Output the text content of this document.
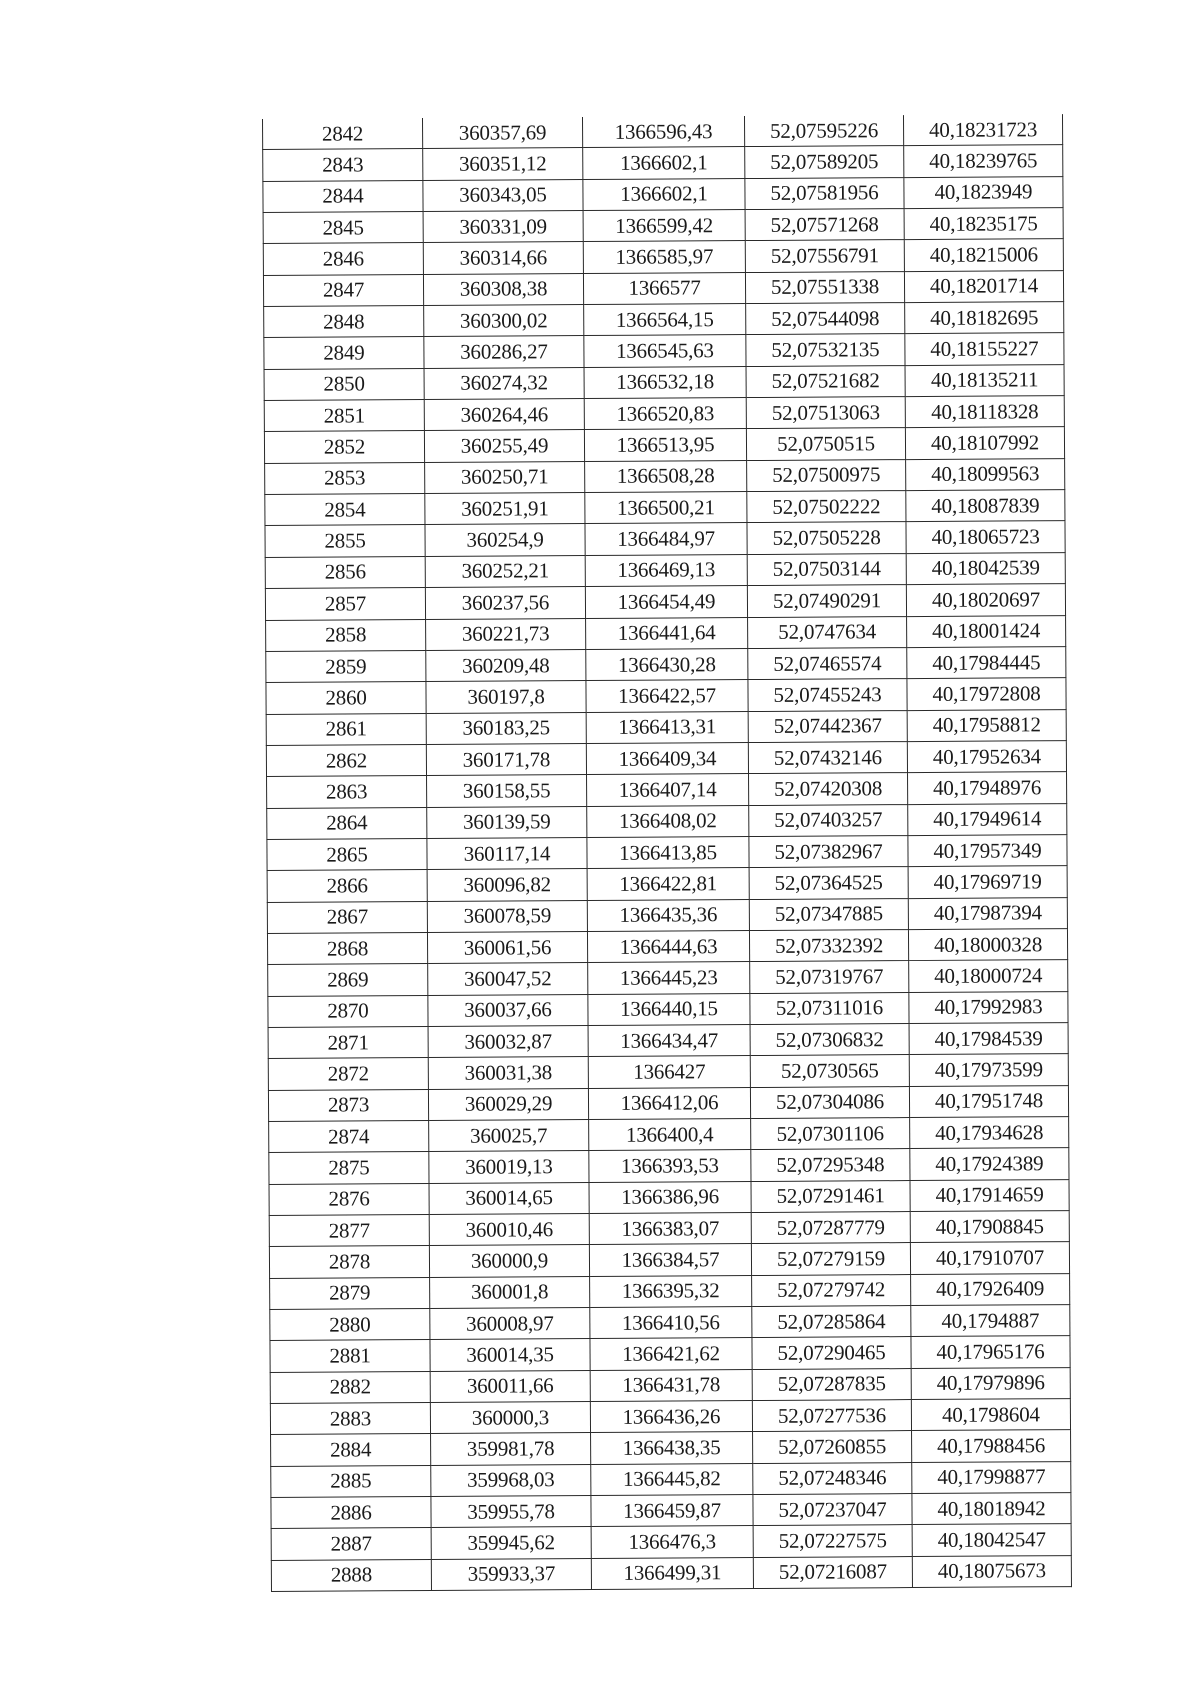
2842	360357,69	1366596,43	52,07595226	40,18231723
2843	360351,12	1366602,1	52,07589205	40,18239765
2844	360343,05	1366602,1	52,07581956	40,1823949
2845	360331,09	1366599,42	52,07571268	40,18235175
2846	360314,66	1366585,97	52,07556791	40,18215006
2847	360308,38	1366577	52,07551338	40,18201714
2848	360300,02	1366564,15	52,07544098	40,18182695
2849	360286,27	1366545,63	52,07532135	40,18155227
2850	360274,32	1366532,18	52,07521682	40,18135211
2851	360264,46	1366520,83	52,07513063	40,18118328
2852	360255,49	1366513,95	52,0750515	40,18107992
2853	360250,71	1366508,28	52,07500975	40,18099563
2854	360251,91	1366500,21	52,07502222	40,18087839
2855	360254,9	1366484,97	52,07505228	40,18065723
2856	360252,21	1366469,13	52,07503144	40,18042539
2857	360237,56	1366454,49	52,07490291	40,18020697
2858	360221,73	1366441,64	52,0747634	40,18001424
2859	360209,48	1366430,28	52,07465574	40,17984445
2860	360197,8	1366422,57	52,07455243	40,17972808
2861	360183,25	1366413,31	52,07442367	40,17958812
2862	360171,78	1366409,34	52,07432146	40,17952634
2863	360158,55	1366407,14	52,07420308	40,17948976
2864	360139,59	1366408,02	52,07403257	40,17949614
2865	360117,14	1366413,85	52,07382967	40,17957349
2866	360096,82	1366422,81	52,07364525	40,17969719
2867	360078,59	1366435,36	52,07347885	40,17987394
2868	360061,56	1366444,63	52,07332392	40,18000328
2869	360047,52	1366445,23	52,07319767	40,18000724
2870	360037,66	1366440,15	52,07311016	40,17992983
2871	360032,87	1366434,47	52,07306832	40,17984539
2872	360031,38	1366427	52,0730565	40,17973599
2873	360029,29	1366412,06	52,07304086	40,17951748
2874	360025,7	1366400,4	52,07301106	40,17934628
2875	360019,13	1366393,53	52,07295348	40,17924389
2876	360014,65	1366386,96	52,07291461	40,17914659
2877	360010,46	1366383,07	52,07287779	40,17908845
2878	360000,9	1366384,57	52,07279159	40,17910707
2879	360001,8	1366395,32	52,07279742	40,17926409
2880	360008,97	1366410,56	52,07285864	40,1794887
2881	360014,35	1366421,62	52,07290465	40,17965176
2882	360011,66	1366431,78	52,07287835	40,17979896
2883	360000,3	1366436,26	52,07277536	40,1798604
2884	359981,78	1366438,35	52,07260855	40,17988456
2885	359968,03	1366445,82	52,07248346	40,17998877
2886	359955,78	1366459,87	52,07237047	40,18018942
2887	359945,62	1366476,3	52,07227575	40,18042547
2888	359933,37	1366499,31	52,07216087	40,18075673
